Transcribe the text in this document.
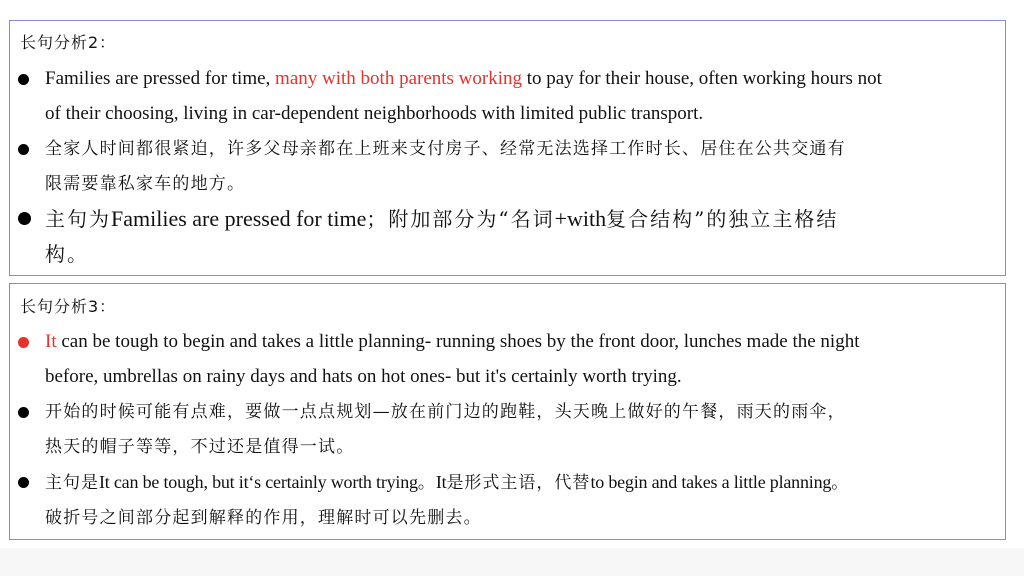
长句分析2：
Families are pressed for time, many with both parents working to pay for their house, often working hours not
of their choosing, living in car-dependent neighborhoods with limited public transport.
全家人时间都很紧迫，许多父母亲都在上班来支付房子、经常无法选择工作时长、居住在公共交通有
限需要靠私家车的地方。
主句为Families are pressed for time；附加部分为“名词+with复合结构”的独立主格结
构。
长句分析3：
It can be tough to begin and takes a little planning- running shoes by the front door, lunches made the night
before, umbrellas on rainy days and hats on hot ones- but it's certainly worth trying.
开始的时候可能有点难，要做一点点规划—放在前门边的跑鞋，头天晚上做好的午餐，雨天的雨伞，
热天的帽子等等，不过还是值得一试。
主句是It can be tough, but it‘s certainly worth trying。It是形式主语，代替to begin and takes a little planning。
破折号之间部分起到解释的作用，理解时可以先删去。
